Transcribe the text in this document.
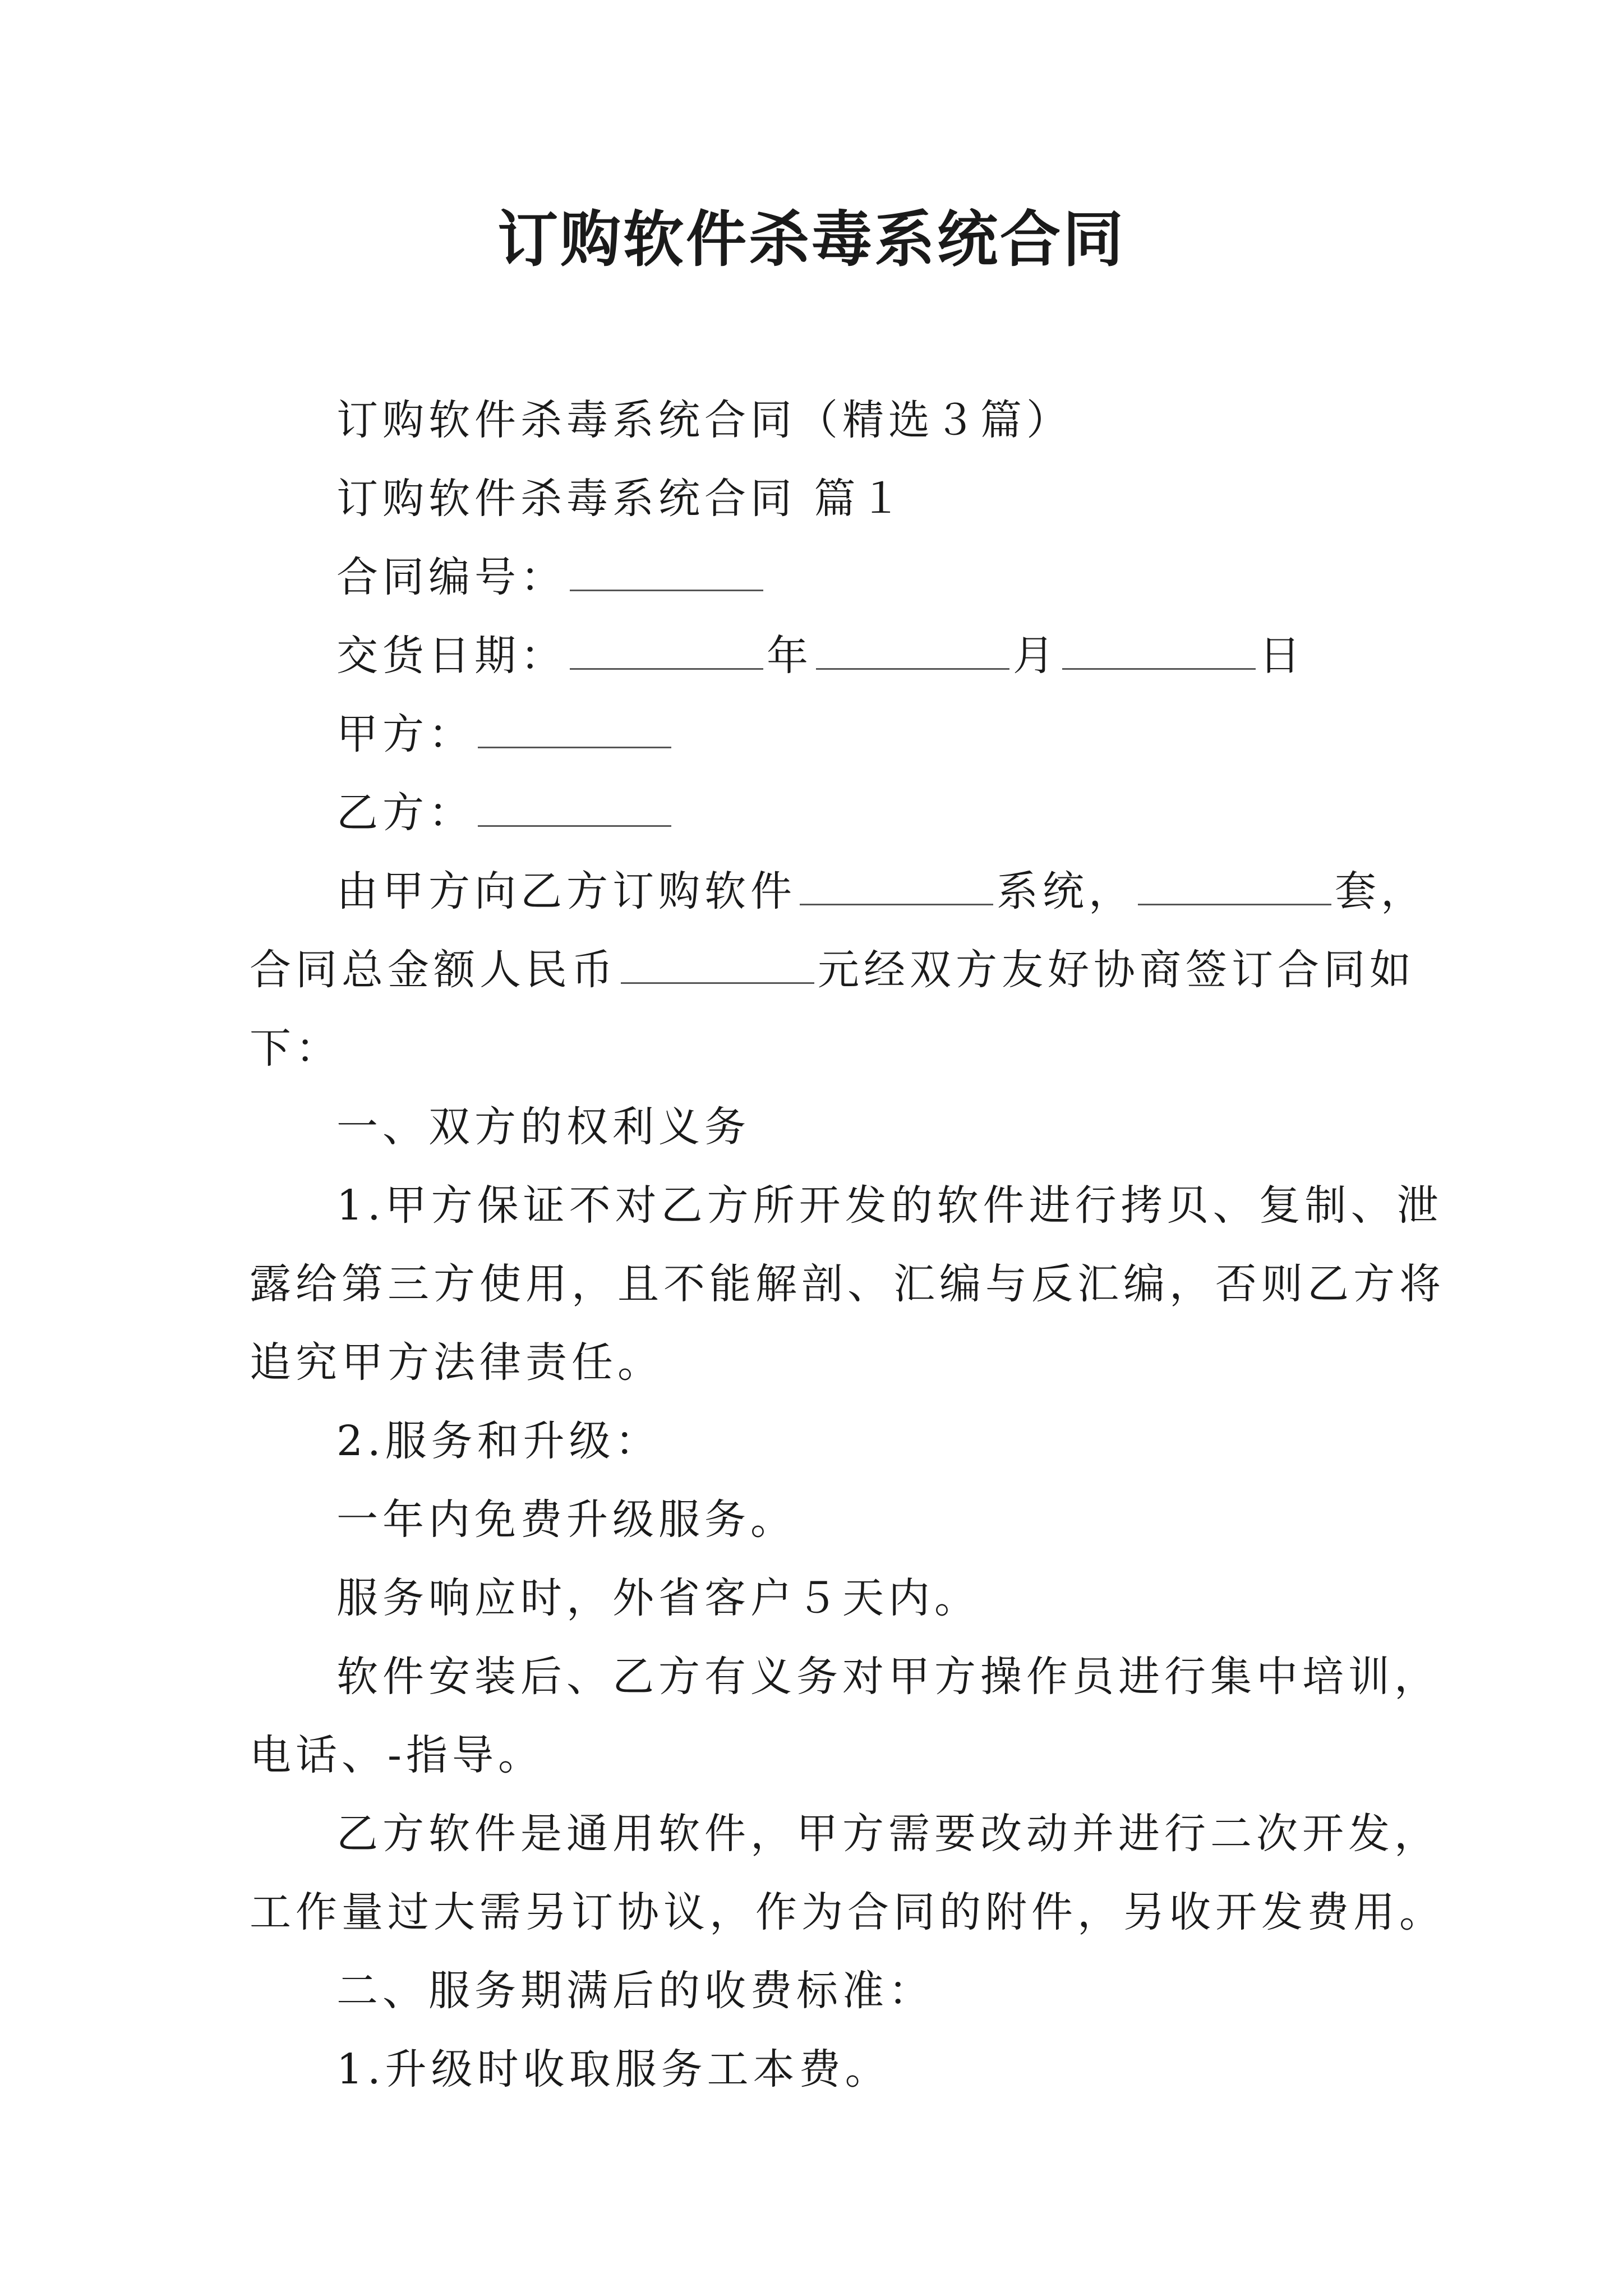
订购软件杀毒系统合同
订购软件杀毒系统合同（精选３篇）
订购软件杀毒系统合同 篇１
合同编号：
交货日期：	年	月	日
甲方：
乙方：
由甲方向乙方订购软件	系统，	套，
合同总金额人民币	元经双方友好协商签订合同如
下：
一、双方的权利义务
1.甲方保证不对乙方所开发的软件进行拷贝、复制、泄
露给第三方使用，且不能解剖、汇编与反汇编，否则乙方将
追究甲方法律责任。
2.服务和升级：
一年内免费升级服务。
服务响应时，外省客户５天内。
软件安装后、乙方有义务对甲方操作员进行集中培训，
电话、-指导。
乙方软件是通用软件，甲方需要改动并进行二次开发，
工作量过大需另订协议，作为合同的附件，另收开发费用。
二、服务期满后的收费标准：
1.升级时收取服务工本费。
